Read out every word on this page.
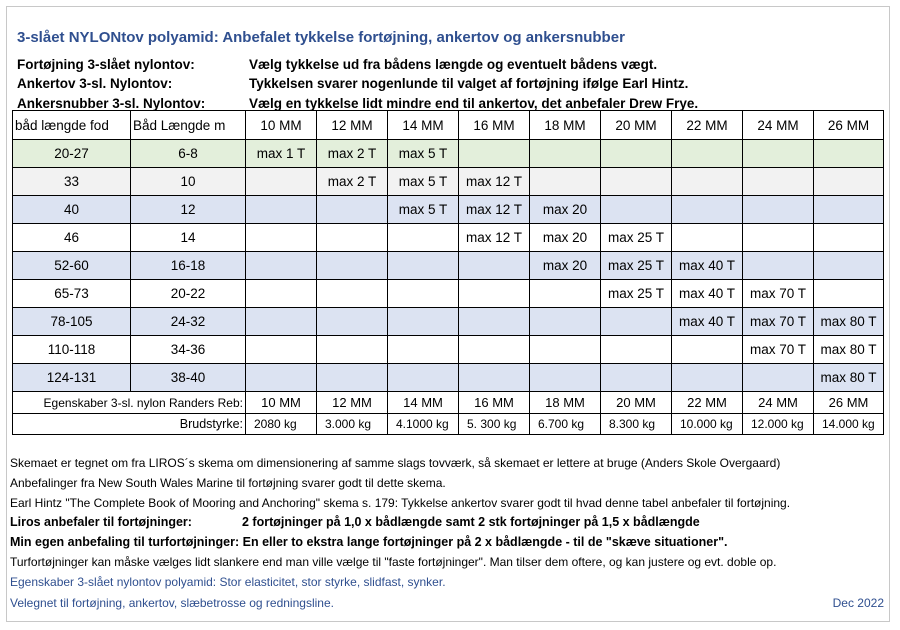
3-slået NYLONtov polyamid: Anbefalet tykkelse fortøjning, ankertov og ankersnubber
Fortøjning 3-slået nylontov:	Vælg tykkelse ud fra bådens længde og eventuelt bådens vægt.
Ankertov 3-sl. Nylontov:	Tykkelsen svarer nogenlunde til valget af fortøjning ifølge Earl Hintz.
Ankersnubber 3-sl. Nylontov:	Vælg en tykkelse lidt mindre end til ankertov, det anbefaler Drew Frye.
båd længde fod	Båd Længde m	10 MM	12 MM	14 MM	16 MM	18 MM	20 MM	22 MM	24 MM	26 MM
20-27	6-8	max 1 T	max 2 T	max 5 T						
33	10		max 2 T	max 5 T	max 12 T					
40	12			max 5 T	max 12 T	max 20				
46	14				max 12 T	max 20	max 25 T			
52-60	16-18					max 20	max 25 T	max 40 T		
65-73	20-22						max 25 T	max 40 T	max 70 T	
78-105	24-32							max 40 T	max 70 T	max 80 T
110-118	34-36								max 70 T	max 80 T
124-131	38-40									max 80 T
Egenskaber 3-sl. nylon Randers Reb:		10 MM	12 MM	14 MM	16 MM	18 MM	20 MM	22 MM	24 MM	26 MM
Brudstyrke:		2080 kg	3.000 kg	4.1000 kg	5. 300 kg	6.700 kg	8.300 kg	10.000 kg	12.000 kg	14.000 kg
Skemaet er tegnet om fra LIROS´s skema om dimensionering af samme slags tovværk, så skemaet er lettere at bruge (Anders Skole Overgaard)
Anbefalinger fra New South Wales Marine til fortøjning svarer godt til dette skema.
Earl Hintz "The Complete Book of Mooring and Anchoring" skema s. 179: Tykkelse ankertov svarer godt til hvad denne tabel anbefaler til fortøjning.
Liros anbefaler til fortøjninger:	2 fortøjninger på 1,0 x bådlængde samt 2 stk fortøjninger på 1,5 x bådlængde
Min egen anbefaling til turfortøjninger: En eller to ekstra lange fortøjninger på 2 x bådlængde - til de "skæve situationer".
Turfortøjninger kan måske vælges lidt slankere end man ville vælge til "faste fortøjninger". Man tilser dem oftere, og kan justere og evt. doble op.
Egenskaber 3-slået nylontov polyamid: Stor elasticitet, stor styrke, slidfast, synker.
Velegnet til fortøjning, ankertov, slæbetrosse og redningsline.	Dec 2022
